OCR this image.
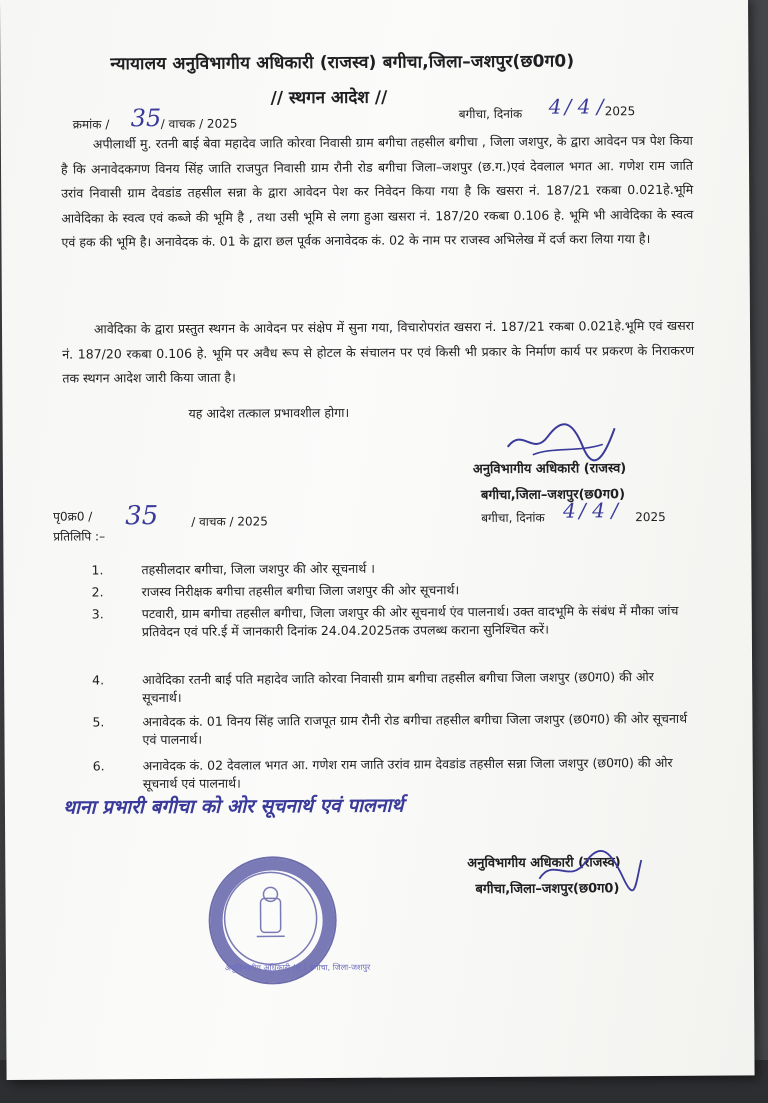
न्यायालय अनुविभागीय अधिकारी (राजस्व) बगीचा,जिला–जशपुर(छ0ग0)
// स्थगन आदेश //
क्रमांक / 35 / वाचक / 2025
बगीचा, दिनांक 4 / 4 / 2025
अपीलार्थी मु. रतनी बाई बेवा महादेव जाति कोरवा निवासी ग्राम बगीचा तहसील बगीचा , जिला जशपुर, के द्वारा आवेदन पत्र पेश किया है कि अनावेदकगण विनय सिंह जाति राजपुत निवासी ग्राम रौनी रोड बगीचा जिला–जशपुर (छ.ग.)एवं देवलाल भगत आ. गणेश राम जाति उरांव निवासी ग्राम देवडांड तहसील सन्ना के द्वारा आवेदन पेश कर निवेदन किया गया है कि खसरा नं. 187/21 रकबा 0.021हे.भूमि आवेदिका के स्वत्व एवं कब्जे की भूमि है , तथा उसी भूमि से लगा हुआ खसरा नं. 187/20 रकबा 0.106 हे. भूमि भी आवेदिका के स्वत्व एवं हक की भूमि है। अनावेदक कं. 01 के द्वारा छल पूर्वक अनावेदक कं. 02 के नाम पर राजस्व अभिलेख में दर्ज करा लिया गया है।
आवेदिका के द्वारा प्रस्तुत स्थगन के आवेदन पर संक्षेप में सुना गया, विचारोपरांत खसरा नं. 187/21 रकबा 0.021हे.भूमि एवं खसरा नं. 187/20 रकबा 0.106 हे. भूमि पर अवैध रूप से होटल के संचालन पर एवं किसी भी प्रकार के निर्माण कार्य पर प्रकरण के निराकरण तक स्थगन आदेश जारी किया जाता है।
यह आदेश तत्काल प्रभावशील होगा।
अनुविभागीय अधिकारी (राजस्व)
बगीचा,जिला–जशपुर(छ0ग0)
पृ0क्र0 /
प्रतिलिपि :–
35	/ वाचक / 2025	बगीचा, दिनांक 4 / 4 / 2025
1.	तहसीलदार बगीचा, जिला जशपुर की ओर सूचनार्थ ।
2.	राजस्व निरीक्षक बगीचा तहसील बगीचा जिला जशपुर की ओर सूचनार्थ।
3.	पटवारी, ग्राम बगीचा तहसील बगीचा, जिला जशपुर की ओर सूचनार्थ एंव पालनार्थ। उक्त वादभूमि के संबंध में मौका जांच प्रतिवेदन एवं परि.ई में जानकारी दिनांक 24.04.2025तक उपलब्ध कराना सुनिश्चित करें।
4.	आवेदिका रतनी बाई पति महादेव जाति कोरवा निवासी ग्राम बगीचा तहसील बगीचा जिला जशपुर (छ0ग0) की ओर सूचनार्थ।
5.	अनावेदक कं. 01 विनय सिंह जाति राजपूत ग्राम रौनी रोड बगीचा तहसील बगीचा जिला जशपुर (छ0ग0) की ओर सूचनार्थ एवं पालनार्थ।
6.	अनावेदक कं. 02 देवलाल भगत आ. गणेश राम जाति उरांव ग्राम देवडांड तहसील सन्ना जिला जशपुर (छ0ग0) की ओर सूचनार्थ एवं पालनार्थ।
थाना प्रभारी बगीचा को ओर सूचनार्थ एवं पालनार्थ
अनुविभागीय अधिकारी (राजस्व)
बगीचा,जिला–जशपुर(छ0ग0)
अनुविभागीय अधिकारी (रा.) बगीचा, जिला-जशपुर
